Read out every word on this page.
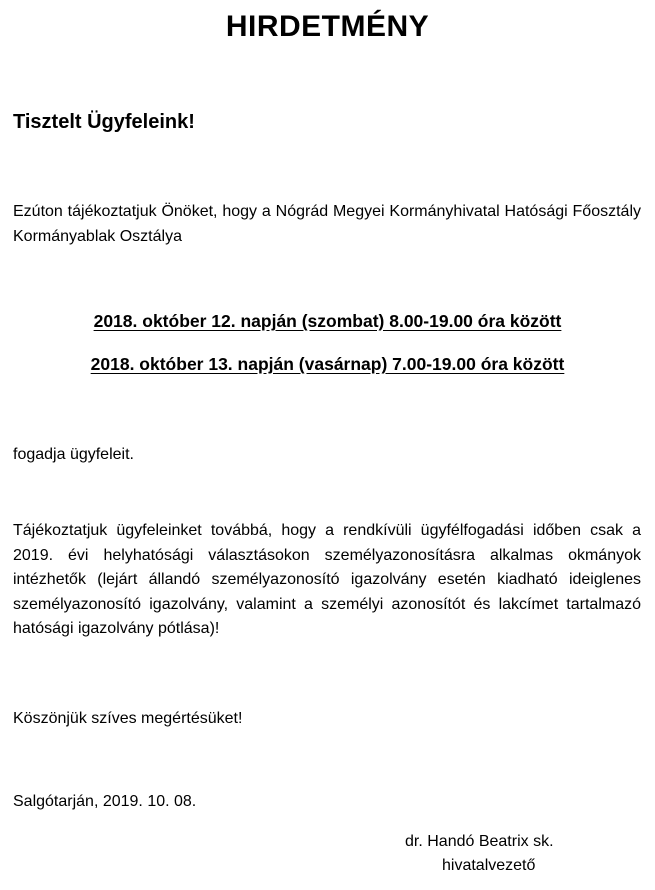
HIRDETMÉNY
Tisztelt Ügyfeleink!
Ezúton tájékoztatjuk Önöket, hogy a Nógrád Megyei Kormányhivatal Hatósági Főosztály Kormányablak Osztálya
2018. október 12. napján (szombat) 8.00-19.00 óra között
2018. október 13. napján (vasárnap) 7.00-19.00 óra között
fogadja ügyfeleit.
Tájékoztatjuk ügyfeleinket továbbá, hogy a rendkívüli ügyfélfogadási időben csak a 2019. évi helyhatósági választásokon személyazonosításra alkalmas okmányok intézhetők (lejárt állandó személyazonosító igazolvány esetén kiadható ideiglenes személyazonosító igazolvány, valamint a személyi azonosítót és lakcímet tartalmazó hatósági igazolvány pótlása)!
Köszönjük szíves megértésüket!
Salgótarján, 2019. 10. 08.
dr. Handó Beatrix sk.
hivatalvezető
